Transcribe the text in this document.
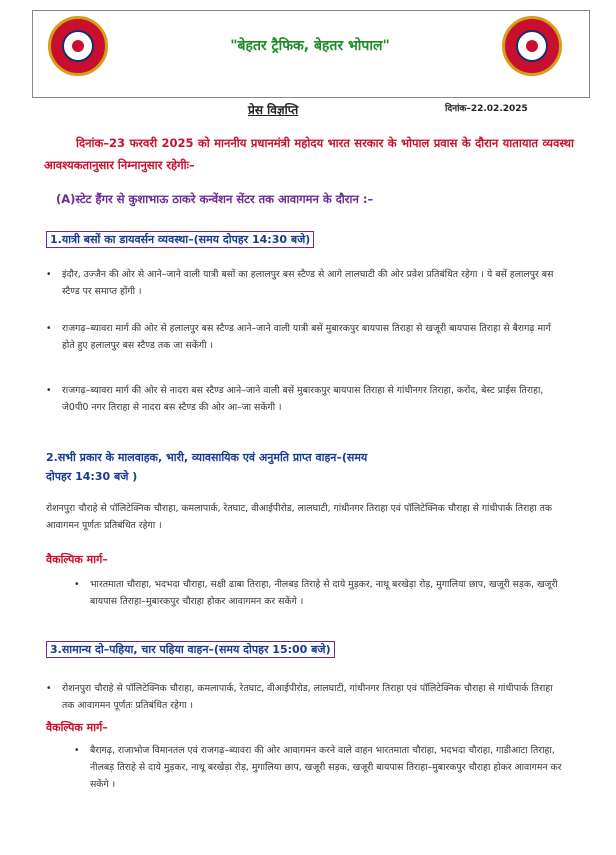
"बेहतर ट्रैफिक, बेहतर भोपाल"
प्रेस विज्ञप्ति	दिनांक–22.02.2025
दिनांक–23 फरवरी 2025 को माननीय प्रधानमंत्री महोदय भारत सरकार के भोपाल प्रवास के दौरान यातायात व्यवस्था आवश्यकतानुसार निम्नानुसार रहेगीः–
(A)स्टेट हैंगर से कुशाभाऊ ठाकरे कन्वेंशन सेंटर तक आवागमन के दौरान :–
1.यात्री बसों का डायवर्सन व्यवस्था–(समय दोपहर 14:30 बजे)
• इंदौर, उज्जैन की ओर से आने–जाने वाली यात्री बसों का हलालपुर बस स्टैण्ड से आगे लालघाटी की ओर प्रवेश प्रतिबंधित रहेगा । ये बसें हलालपुर बस स्टैण्ड पर समाप्त होंगी ।
• राजगढ़–ब्यावरा मार्ग की ओर से हलालपुर बस स्टैण्ड आने–जाने वाली यात्री बसें मुबारकपुर बायपास तिराहा से खजूरी बायपास तिराहा से बैरागढ़ मार्ग होते हुए हलालपुर बस स्टैण्ड तक जा सकेंगी ।
• राजगढ़–ब्यावरा मार्ग की ओर से नादरा बस स्टैण्ड आने–जाने वाली बसें मुबारकपुर बायपास तिराहा से गांधीनगर तिराहा, करोंद, बेस्ट प्राईस तिराहा, जे0पी0 नगर तिराहा से नादरा बस स्टैण्ड की ओर आ–जा सकेंगी ।
2.सभी प्रकार के मालवाहक, भारी, व्यावसायिक एवं अनुमति प्राप्त वाहन–(समय
दोपहर 14:30 बजे )
रोशनपुरा चौराहे से पॉलिटेक्निक चौराहा, कमलापार्क, रेतघाट, वीआईपीरोड, लालघाटी, गांधीनगर तिराहा एवं पॉलिटेक्निक चौराहा से गांधीपार्क तिराहा तक आवागमन पूर्णतः प्रतिबंधित रहेगा ।
वैकल्पिक मार्ग–
• भारतमाता चौराहा, भदभदा चौराहा, सक्षी ढाबा तिराहा, नीलबड़ तिराहे से दाये मुड़कर, नाथू बरखेड़ा रोड़, मुगालिया छाप, खजूरी सड़क, खजूरी बायपास तिराहा–मुबारकपुर चौराहा होकर आवागमन कर सकेंगे ।
3.सामान्य दो–पहिया, चार पहिया वाहन–(समय दोपहर 15:00 बजे)
• रोशनपुरा चौराहे से पॉलिटेक्निक चौराहा, कमलापार्क, रेतघाट, वीआईपीरोड, लालघाटी, गांधीनगर तिराहा एवं पॉलिटेक्निक चौराहा से गांधीपार्क तिराहा तक आवागमन पूर्णतः प्रतिबंधित रहेगा ।
वैकल्पिक मार्ग–
• बैरागढ़, राजाभोज विमानतल एवं राजगढ़–ब्यावरा की ओर आवागमन करने वाले वाहन भारतमाता चौराहा, भदभदा चौराहा, गाडीआटा तिराहा, नीलबड़ तिराहे से दाये मुड़कर, नाथू बरखेड़ा रोड़, मुगालिया छाप, खजूरी सड़क, खजूरी बायपास तिराहा–मुबारकपुर चौराहा होकर आवागमन कर सकेंगे ।
